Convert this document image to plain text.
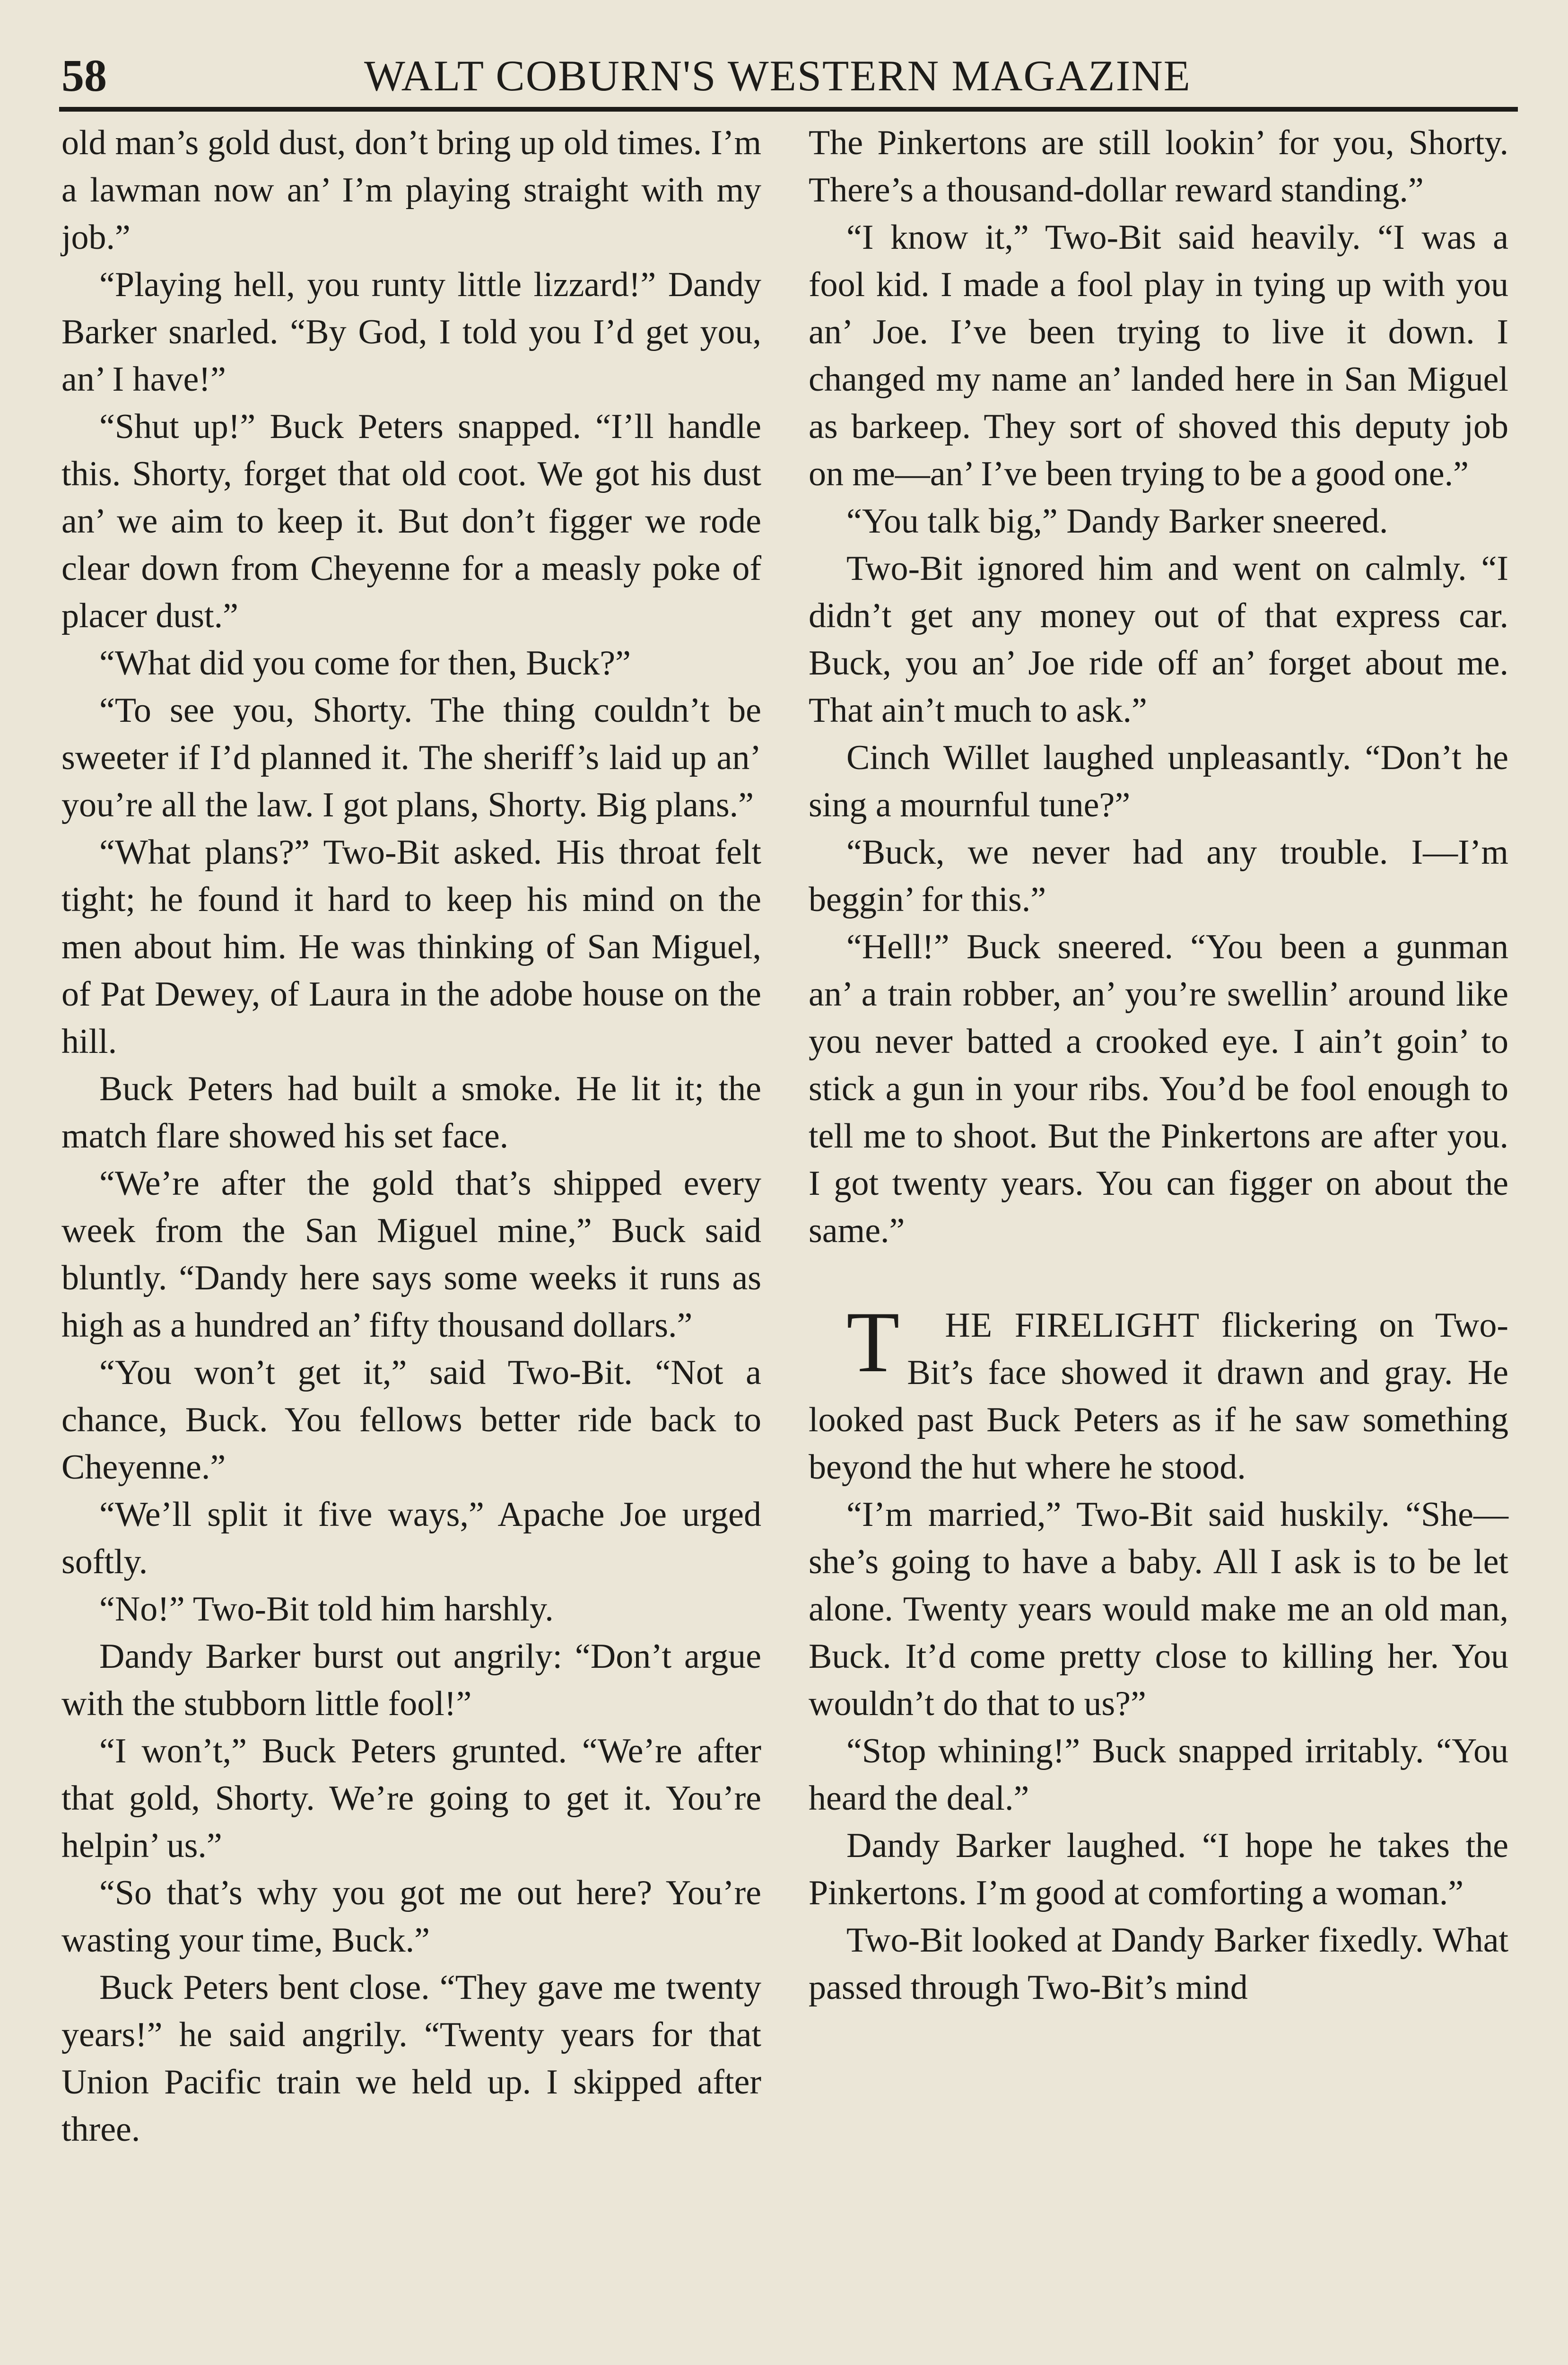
58	WALT COBURN'S WESTERN MAGAZINE

old man’s gold dust, don’t bring up old times. I’m a lawman now an’ I’m playing straight with my job.”

“Playing hell, you runty little lizzard!” Dandy Barker snarled. “By God, I told you I’d get you, an’ I have!”

“Shut up!” Buck Peters snapped. “I’ll handle this. Shorty, forget that old coot. We got his dust an’ we aim to keep it. But don’t figger we rode clear down from Cheyenne for a measly poke of placer dust.”

“What did you come for then, Buck?”

“To see you, Shorty. The thing couldn’t be sweeter if I’d planned it. The sheriff’s laid up an’ you’re all the law. I got plans, Shorty. Big plans.”

“What plans?” Two-Bit asked. His throat felt tight; he found it hard to keep his mind on the men about him. He was thinking of San Miguel, of Pat Dewey, of Laura in the adobe house on the hill.

Buck Peters had built a smoke. He lit it; the match flare showed his set face.

“We’re after the gold that’s shipped every week from the San Miguel mine,” Buck said bluntly. “Dandy here says some weeks it runs as high as a hundred an’ fifty thousand dollars.”

“You won’t get it,” said Two-Bit. “Not a chance, Buck. You fellows better ride back to Cheyenne.”

“We’ll split it five ways,” Apache Joe urged softly.

“No!” Two-Bit told him harshly.

Dandy Barker burst out angrily: “Don’t argue with the stubborn little fool!”

“I won’t,” Buck Peters grunted. “We’re after that gold, Shorty. We’re going to get it. You’re helpin’ us.”

“So that’s why you got me out here? You’re wasting your time, Buck.”

Buck Peters bent close. “They gave me twenty years!” he said angrily. “Twenty years for that Union Pacific train we held up. I skipped after three.

The Pinkertons are still lookin’ for you, Shorty. There’s a thousand-dollar reward standing.”

“I know it,” Two-Bit said heavily. “I was a fool kid. I made a fool play in tying up with you an’ Joe. I’ve been trying to live it down. I changed my name an’ landed here in San Miguel as barkeep. They sort of shoved this deputy job on me—an’ I’ve been trying to be a good one.”

“You talk big,” Dandy Barker sneered.

Two-Bit ignored him and went on calmly. “I didn’t get any money out of that express car. Buck, you an’ Joe ride off an’ forget about me. That ain’t much to ask.”

Cinch Willet laughed unpleasantly. “Don’t he sing a mournful tune?”

“Buck, we never had any trouble. I—I’m beggin’ for this.”

“Hell!” Buck sneered. “You been a gunman an’ a train robber, an’ you’re swellin’ around like you never batted a crooked eye. I ain’t goin’ to stick a gun in your ribs. You’d be fool enough to tell me to shoot. But the Pinkertons are after you. I got twenty years. You can figger on about the same.”

T HE FIRELIGHT flickering on Two-Bit’s face showed it drawn and gray. He looked past Buck Peters as if he saw something beyond the hut where he stood.

“I’m married,” Two-Bit said huskily. “She—she’s going to have a baby. All I ask is to be let alone. Twenty years would make me an old man, Buck. It’d come pretty close to killing her. You wouldn’t do that to us?”

“Stop whining!” Buck snapped irritably. “You heard the deal.”

Dandy Barker laughed. “I hope he takes the Pinkertons. I’m good at comforting a woman.”

Two-Bit looked at Dandy Barker fixedly. What passed through Two-Bit’s mind
